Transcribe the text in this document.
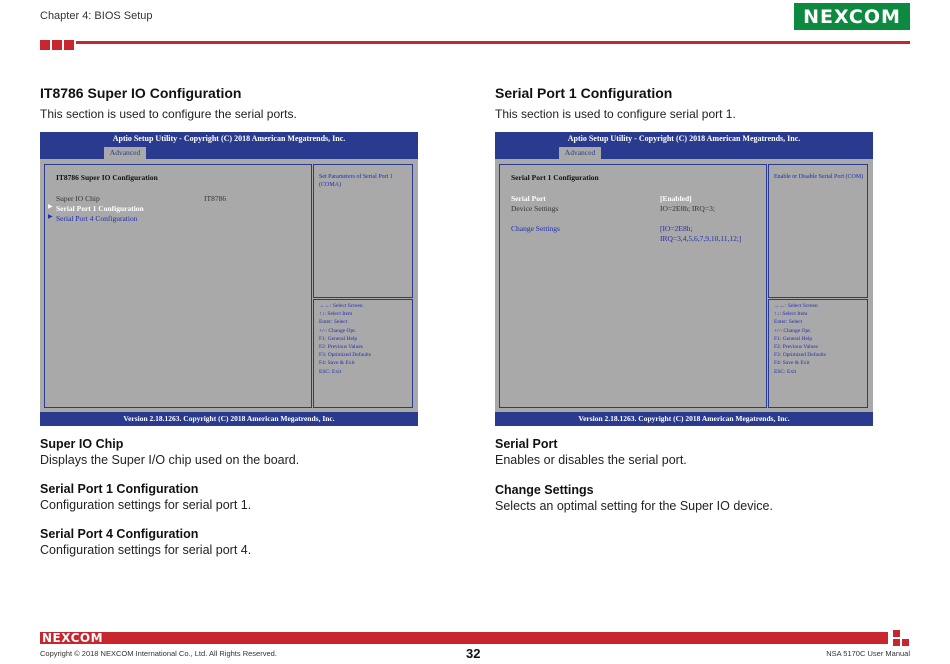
Chapter 4: BIOS Setup	NEXCOM
IT8786 Super IO Configuration
This section is used to configure the serial ports.
Aptio Setup Utility - Copyright (C) 2018 American Megatrends, Inc.
Advanced
IT8786 Super IO Configuration
Super IO Chip	IT8786
▶ Serial Port 1 Configuration
▶ Serial Port 4 Configuration
Set Parameters of Serial Port 1 (COMA)
→←: Select Screen
↑↓: Select Item
Enter: Select
+/-: Change Opt.
F1: General Help
F2: Previous Values
F3: Optimized Defaults
F4: Save & Exit
ESC: Exit
Version 2.18.1263. Copyright (C) 2018 American Megatrends, Inc.
Super IO Chip
Displays the Super I/O chip used on the board.
Serial Port 1 Configuration
Configuration settings for serial port 1.
Serial Port 4 Configuration
Configuration settings for serial port 4.
Serial Port 1 Configuration
This section is used to configure serial port 1.
Aptio Setup Utility - Copyright (C) 2018 American Megatrends, Inc.
Advanced
Serial Port 1 Configuration
Serial Port	[Enabled]
Device Settings	IO=2E8h; IRQ=3;
Change Settings	[IO=2E8h;
IRQ=3,4,5,6,7,9,10,11,12;]
Enable or Disable Serial Port (COM)
→←: Select Screen
↑↓: Select Item
Enter: Select
+/-: Change Opt.
F1: General Help
F2: Previous Values
F3: Optimized Defaults
F4: Save & Exit
ESC: Exit
Version 2.18.1263. Copyright (C) 2018 American Megatrends, Inc.
Serial Port
Enables or disables the serial port.
Change Settings
Selects an optimal setting for the Super IO device.
NEXCOM
Copyright © 2018 NEXCOM International Co., Ltd. All Rights Reserved.	32	NSA 5170C User Manual
